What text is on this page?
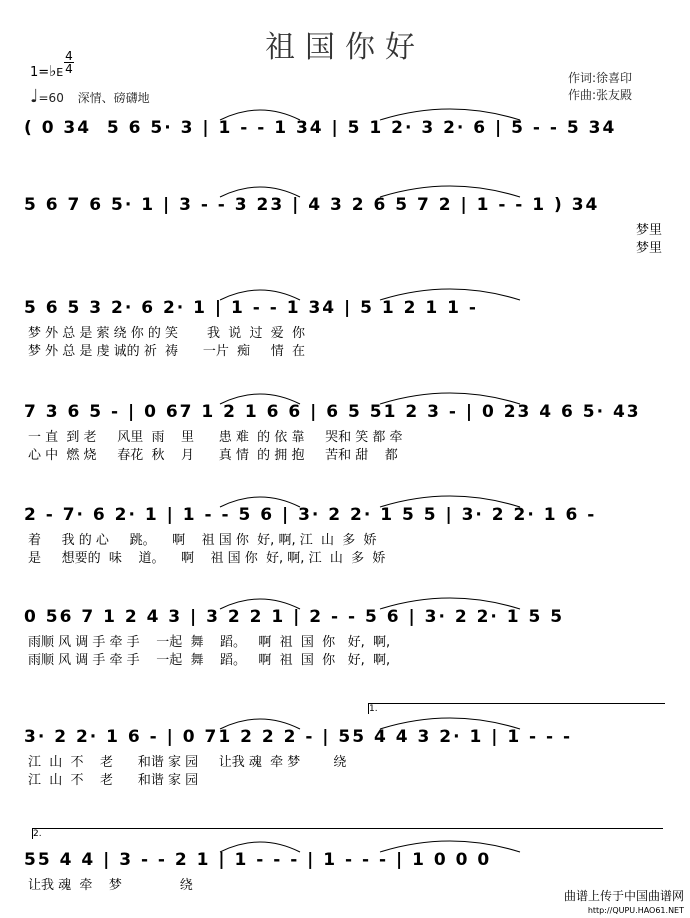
祖国你好
1=♭E
4
4
♩=60 深情、磅礴地
作词:徐喜印
作曲:张友殿
( 0 34  5 6 5· 3 | 1 - - 1 34 | 5 1 2· 3 2· 6 | 5 - - 5 34
5 6 7 6 5· 1 | 3 - - 3 23 | 4 3 2 6 5 7 2 | 1 - - 1 ) 34
梦里
梦里
5 6 5 3 2· 6 2· 1 | 1 - - 1 34 | 5 1 2 1 1 -
梦 外 总 是 萦 绕 你 的 笑       我  说  过  爱  你
梦 外 总 是 虔 诚的 祈  祷      一片  痴     情  在
7 3 6 5 - | 0 67 1 2 1 6 6 | 6 5 51 2 3 - | 0 23 4 6 5· 43
一 直  到 老     风里  雨    里      患 难  的 依 靠     哭和 笑 都 牵
心 中  燃 烧     春花  秋    月      真 情  的 拥 抱     苦和 甜    都
2 - 7· 6 2· 1 | 1 - - 5 6 | 3· 2 2· 1 5 5 | 3· 2 2· 1 6 -
着     我 的 心     跳。    啊    祖 国 你  好, 啊, 江  山  多  娇
是     想要的  味    道。    啊    祖 国 你  好, 啊, 江  山  多  娇
0 56 7 1 2 4 3 | 3 2 2 1 | 2 - - 5 6 | 3· 2 2· 1 5 5
雨顺 风 调 手 牵 手    一起  舞    蹈。   啊  祖  国  你   好,  啊,
雨顺 风 调 手 牵 手    一起  舞    蹈。   啊  祖  国  你   好,  啊,
3· 2 2· 1 6 - | 0 71 2 2 2 - | 55 4 4 3 2· 1 | 1 - - -
江  山  不    老      和谐 家 园     让我 魂  牵 梦        绕
江  山  不    老      和谐 家 园
55 4 4 | 3 - - 2 1 | 1 - - - | 1 - - - | 1 0 0 0
让我 魂  牵    梦              绕
曲谱上传于中国曲谱网
http://QUPU.HAO61.NET
1.
2.
